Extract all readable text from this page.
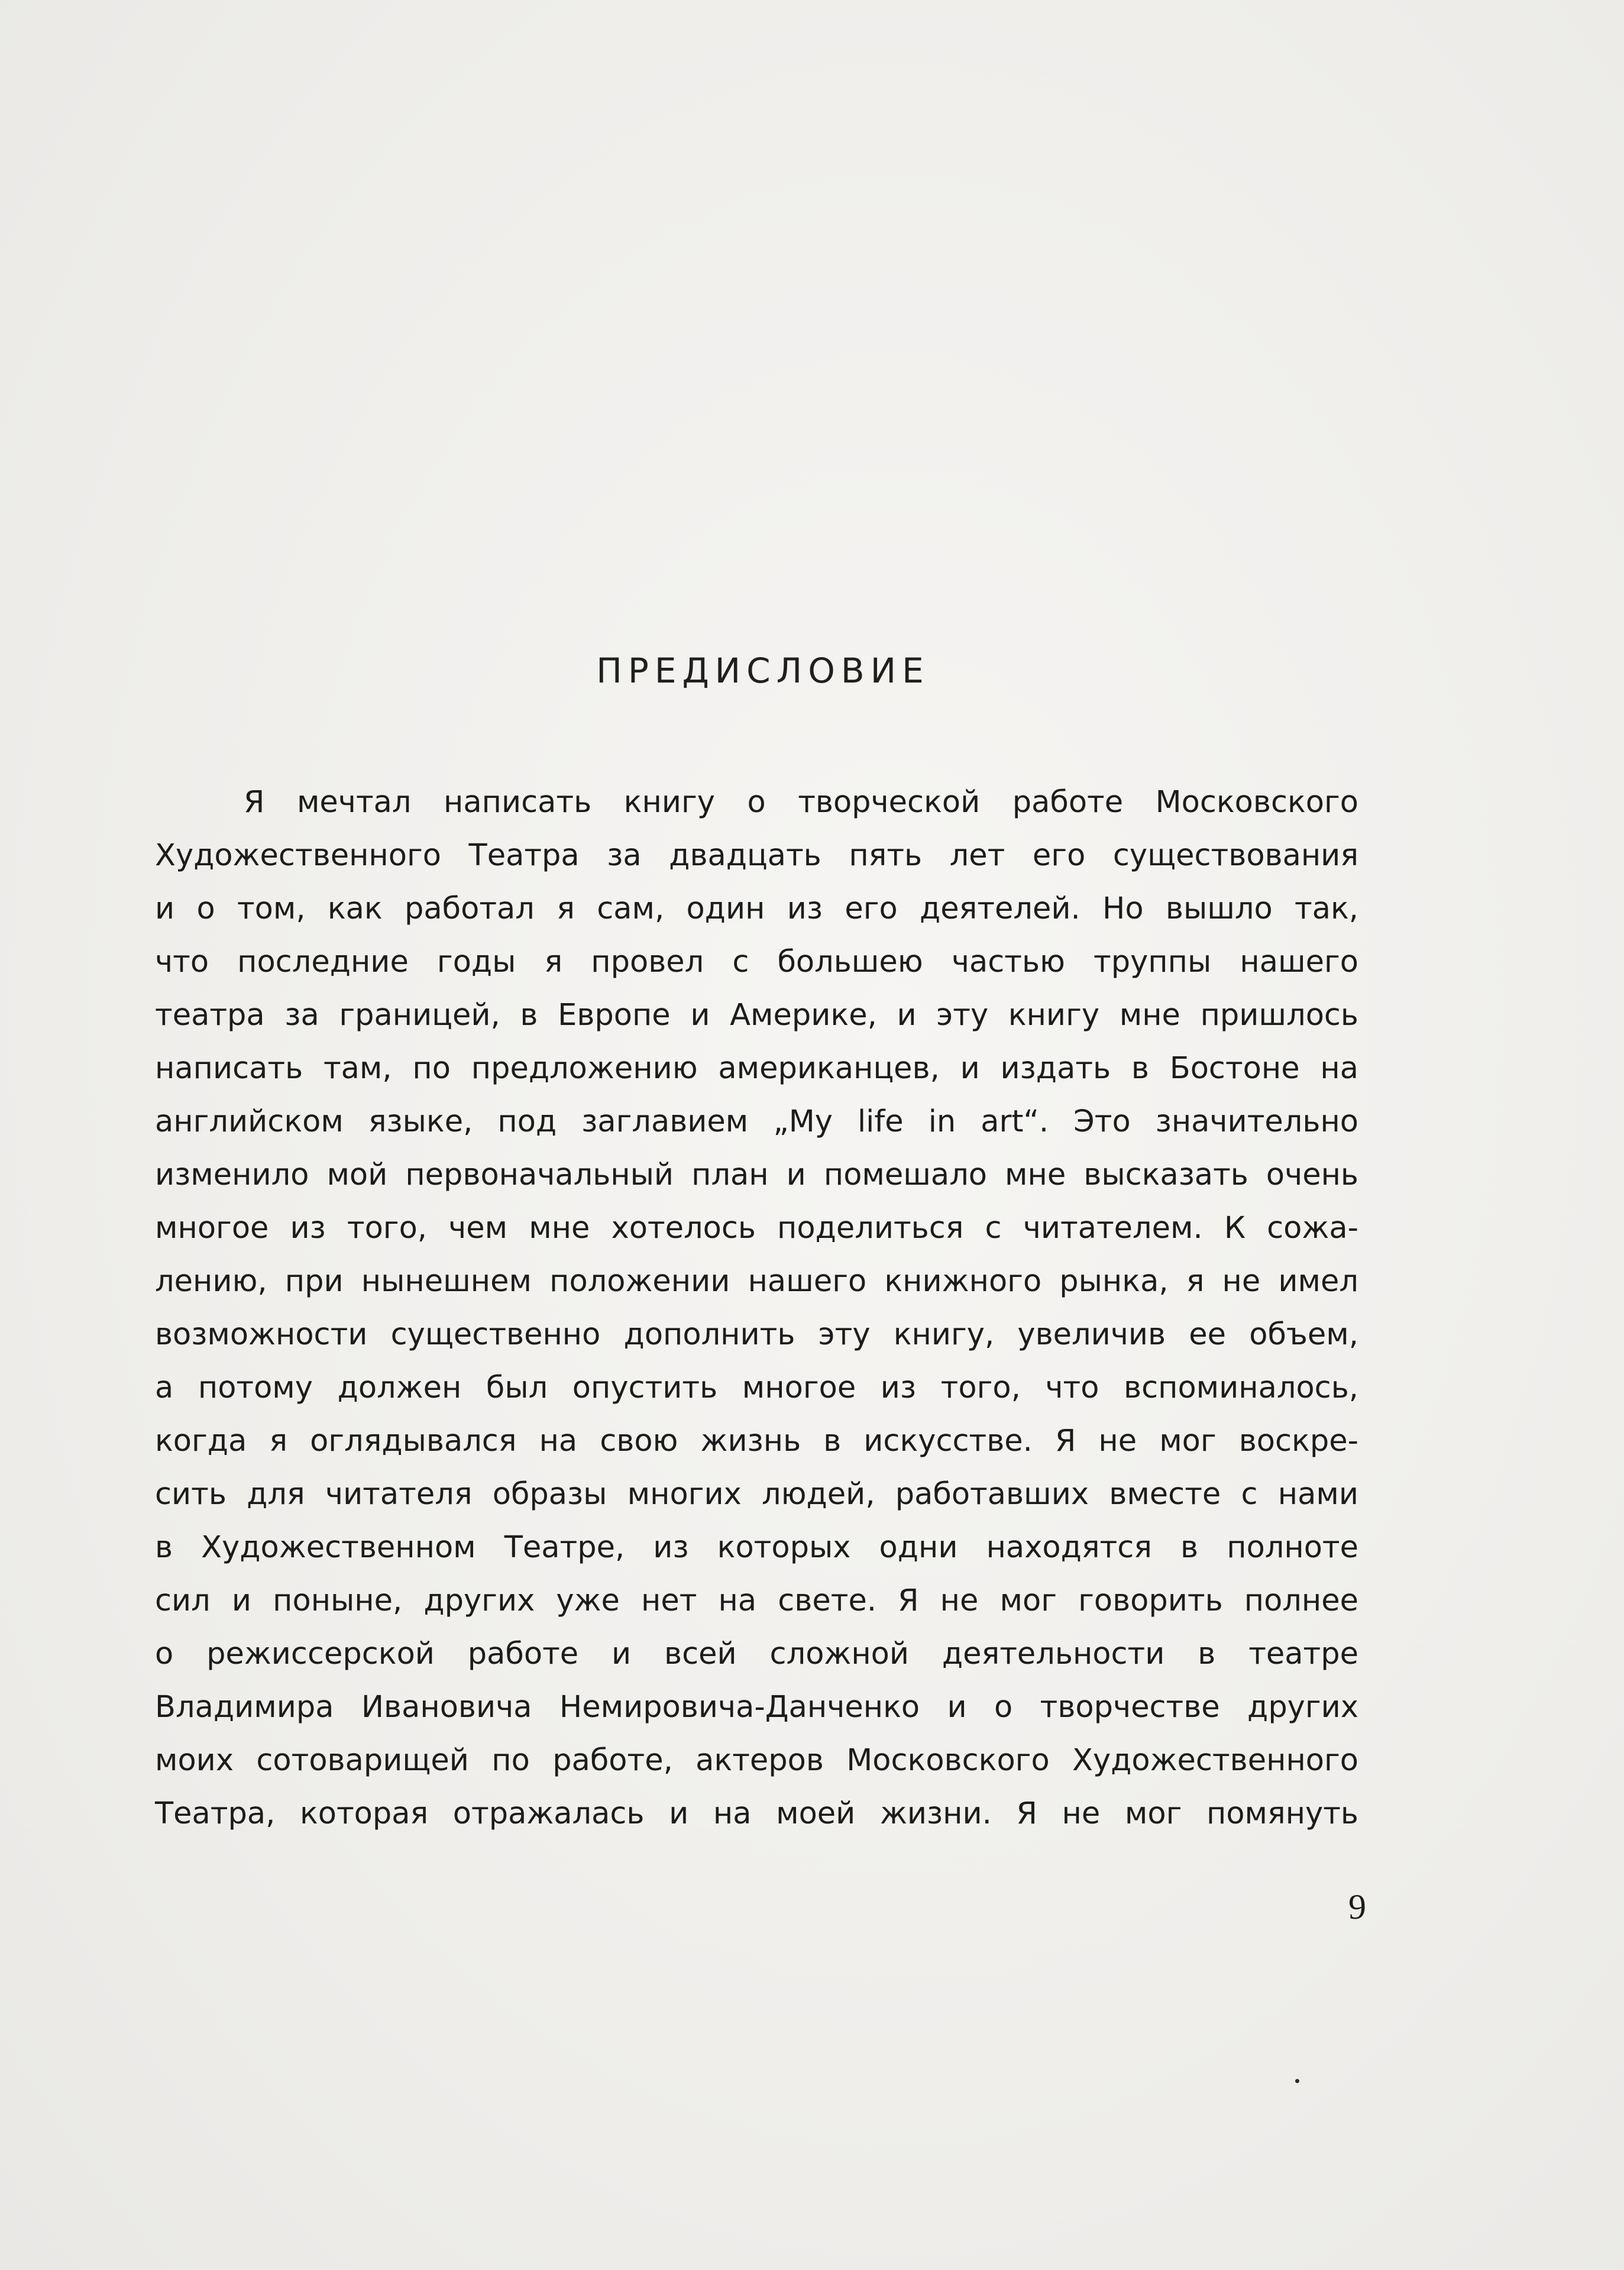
ПРЕДИСЛОВИЕ
Я мечтал написать книгу о творческой работе Московского
Художественного Театра за двадцать пять лет его существования
и о том, как работал я сам, один из его деятелей. Но вышло так,
что последние годы я провел с большею частью труппы нашего
театра за границей, в Европе и Америке, и эту книгу мне пришлось
написать там, по предложению американцев, и издать в Бостоне на
английском языке, под заглавием „My life in art“. Это значительно
изменило мой первоначальный план и помешало мне высказать очень
многое из того, чем мне хотелось поделиться с читателем. К сожа-
лению, при нынешнем положении нашего книжного рынка, я не имел
возможности существенно дополнить эту книгу, увеличив ее объем,
а потому должен был опустить многое из того, что вспоминалось,
когда я оглядывался на свою жизнь в искусстве. Я не мог воскре-
сить для читателя образы многих людей, работавших вместе с нами
в Художественном Театре, из которых одни находятся в полноте
сил и поныне, других уже нет на свете. Я не мог говорить полнее
о режиссерской работе и всей сложной деятельности в театре
Владимира Ивановича Немировича-Данченко и о творчестве других
моих сотоварищей по работе, актеров Московского Художественного
Театра, которая отражалась и на моей жизни. Я не мог помянуть
9
